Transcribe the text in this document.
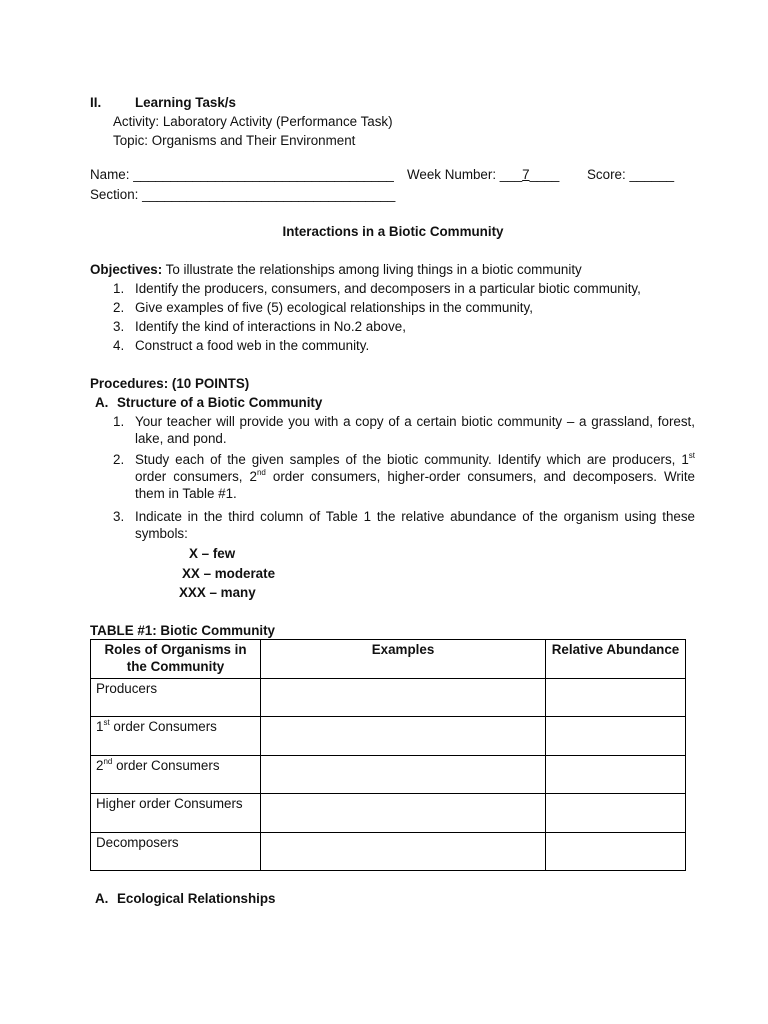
II.	Learning Task/s
Activity: Laboratory Activity (Performance Task)
Topic: Organisms and Their Environment
Name: ___________________________________ Week Number: ___7____ Score: ______
Section: __________________________________
Interactions in a Biotic Community
Objectives: To illustrate the relationships among living things in a biotic community
1. Identify the producers, consumers, and decomposers in a particular biotic community,
2. Give examples of five (5) ecological relationships in the community,
3. Identify the kind of interactions in No.2 above,
4. Construct a food web in the community.
Procedures: (10 POINTS)
A. Structure of a Biotic Community
1. Your teacher will provide you with a copy of a certain biotic community – a grassland, forest, lake, and pond.
2. Study each of the given samples of the biotic community. Identify which are producers, 1st order consumers, 2nd order consumers, higher-order consumers, and decomposers. Write them in Table #1.
3. Indicate in the third column of Table 1 the relative abundance of the organism using these symbols:
X – few
XX – moderate
XXX – many
TABLE #1: Biotic Community
Roles of Organisms in the Community	Examples	Relative Abundance
Producers		
1st order Consumers		
2nd order Consumers		
Higher order Consumers		
Decomposers		
A. Ecological Relationships
